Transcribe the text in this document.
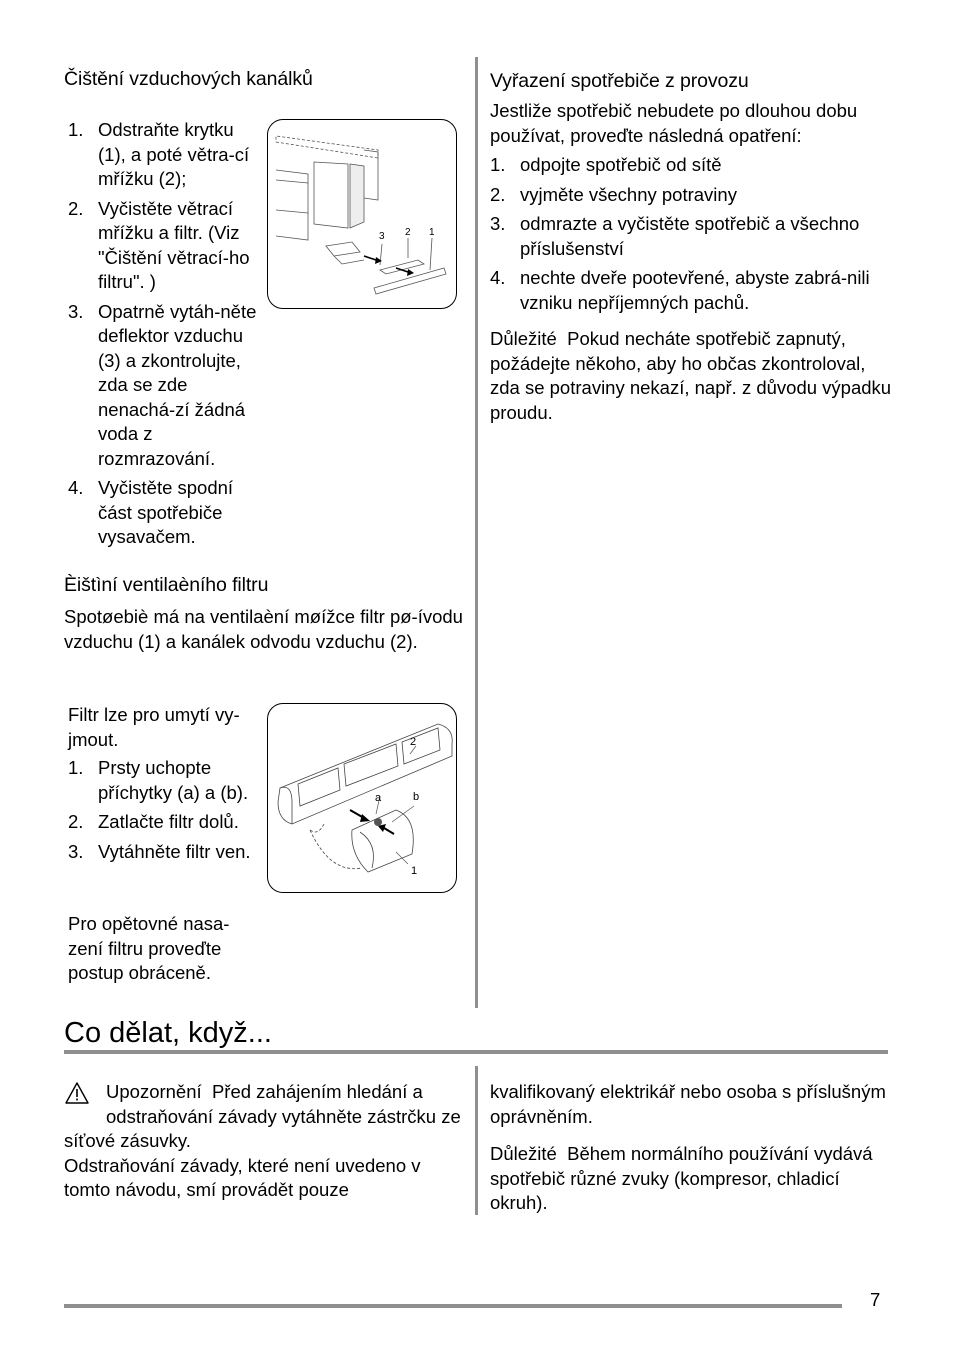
Čištění vzduchových kanálků
1. Odstraňte krytku (1), a poté větra-cí mřížku (2);
2. Vyčistěte větrací mřížku a filtr. (Viz "Čištění větrací-ho filtru". )
3. Opatrně vytáh-něte deflektor vzduchu (3) a zkontrolujte, zda se zde nenachá-zí žádná voda z rozmrazování.
4. Vyčistěte spodní část spotřebiče vysavačem.
3 2 1
Èištìní ventilaèního filtru
Spotøebiè má na ventilaèní møížce filtr pø-ívodu vzduchu (1) a kanálek odvodu vzduchu (2).
Filtr lze pro umytí vy-jmout.
1. Prsty uchopte příchytky (a) a (b).
2. Zatlačte filtr dolů.
3. Vytáhněte filtr ven.
Pro opětovné nasa-zení filtru proveďte postup obráceně.
2
a	b
1
Vyřazení spotřebiče z provozu
Jestliže spotřebič nebudete po dlouhou dobu používat, proveďte následná opatření:
1. odpojte spotřebič od sítě
2. vyjměte všechny potraviny
3. odmrazte a vyčistěte spotřebič a všechno příslušenství
4. nechte dveře pootevřené, abyste zabrá-nili vzniku nepříjemných pachů.
Důležité Pokud necháte spotřebič zapnutý, požádejte někoho, aby ho občas zkontroloval, zda se potraviny nekazí, např. z důvodu výpadku proudu.
Co dělat, když...
Upozornění Před zahájením hledání a
odstraňování závady vytáhněte zástrčku ze síťové zásuvky.
Odstraňování závady, které není uvedeno v tomto návodu, smí provádět pouze
kvalifikovaný elektrikář nebo osoba s příslušným oprávněním.
Důležité Během normálního používání vydává spotřebič různé zvuky (kompresor, chladicí okruh).
7
